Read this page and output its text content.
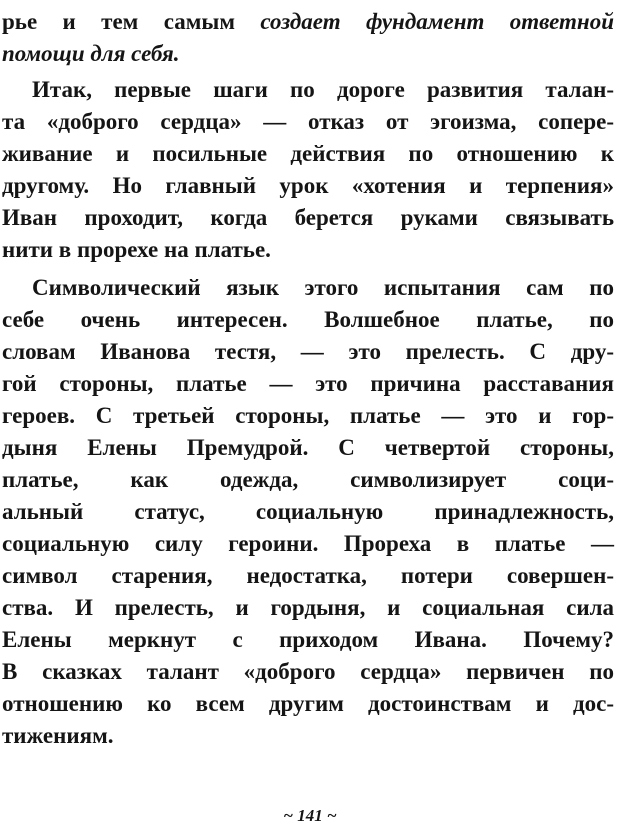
рье и тем самым создает фундамент ответной
помощи для себя.
Итак, первые шаги по дороге развития талан-
та «доброго сердца» — отказ от эгоизма, сопере-
живание и посильные действия по отношению к
другому. Но главный урок «хотения и терпения»
Иван проходит, когда берется руками связывать
нити в прорехе на платье.
Символический язык этого испытания сам по
себе очень интересен. Волшебное платье, по
словам Иванова тестя, — это прелесть. С дру-
гой стороны, платье — это причина расставания
героев. С третьей стороны, платье — это и гор-
дыня Елены Премудрой. С четвертой стороны,
платье, как одежда, символизирует соци-
альный статус, социальную принадлежность,
социальную силу героини. Прореха в платье —
символ старения, недостатка, потери совершен-
ства. И прелесть, и гордыня, и социальная сила
Елены меркнут с приходом Ивана. Почему?
В сказках талант «доброго сердца» первичен по
отношению ко всем другим достоинствам и дос-
тижениям.
~ 141 ~
